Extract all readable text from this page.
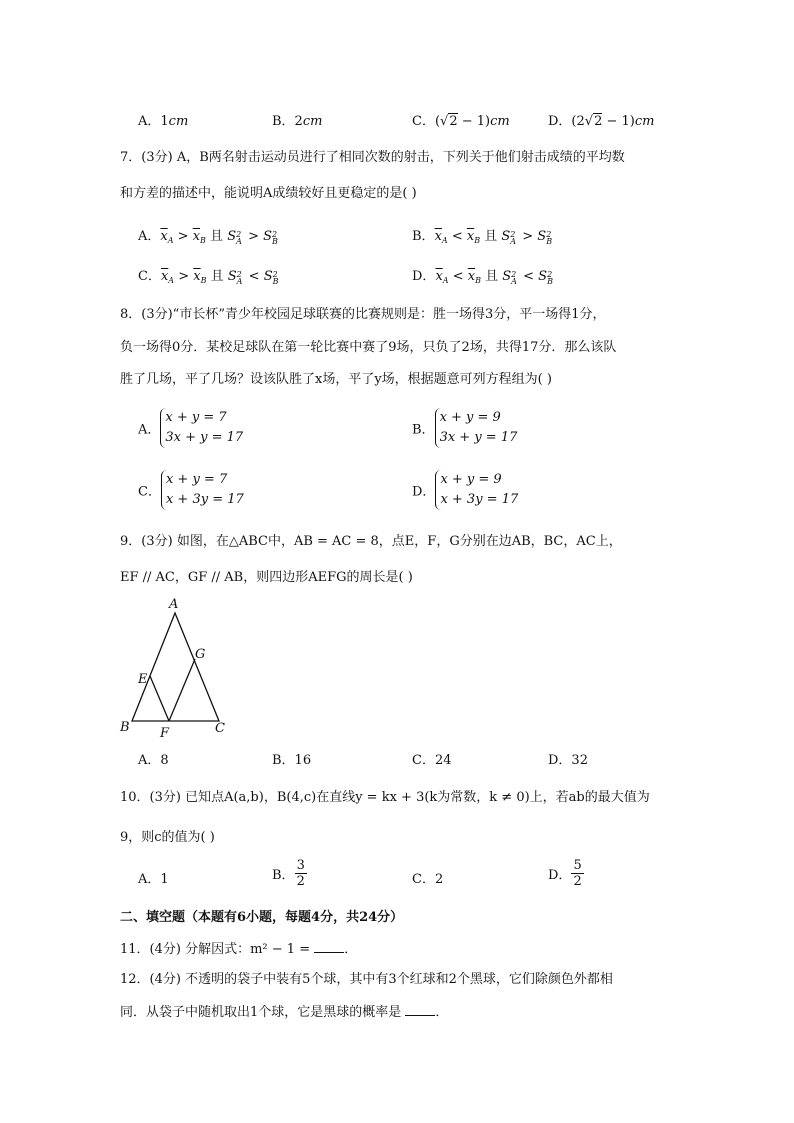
A．1cm	B．2cm	C．(√2 − 1)cm	D．(2√2 − 1)cm
7．(3分) A，B两名射击运动员进行了相同次数的射击，下列关于他们射击成绩的平均数
和方差的描述中，能说明A成绩较好且更稳定的是( )
A．$\overline{x}_A > \overline{x}_B$ 且 S 2
A > S 2
B	B．$\overline{x}_A < \overline{x}_B$ 且 S 2
A > S 2
B
C．$\overline{x}_A > \overline{x}_B$ 且 S 2
A < S 2
B	D．$\overline{x}_A < \overline{x}_B$ 且 S 2
A < S 2
B
8．(3分)“市长杯”青少年校园足球联赛的比赛规则是：胜一场得3分，平一场得1分，
负一场得0分．某校足球队在第一轮比赛中赛了9场，只负了2场，共得17分．那么该队
胜了几场，平了几场？设该队胜了x场，平了y场，根据题意可列方程组为( )
A．
x + y = 7
3x + y = 17	B．
x + y = 9
3x + y = 17
C．
x + y = 7
x + 3y = 17	D．
x + y = 9
x + 3y = 17
9．(3分) 如图，在△ABC中，AB = AC = 8，点E，F，G分别在边AB，BC，AC上，
EF // AC，GF // AB，则四边形AEFG的周长是( )
A
G
E
B F	C
A．8	B．16	C．24	D．32
10．(3分) 已知点A(a,b)，B(4,c)在直线y = kx + 3(k为常数，k ≠ 0)上，若ab的最大值为
9，则c的值为( )
A．1	B． $\frac{3}{2}$	C．2	D． $\frac{5}{2}$
二、填空题（本题有6小题，每题4分，共24分）
11．(4分) 分解因式：m² − 1 = ．
12．(4分) 不透明的袋子中装有5个球，其中有3个红球和2个黑球，它们除颜色外都相
同．从袋子中随机取出1个球，它是黑球的概率是 ．
